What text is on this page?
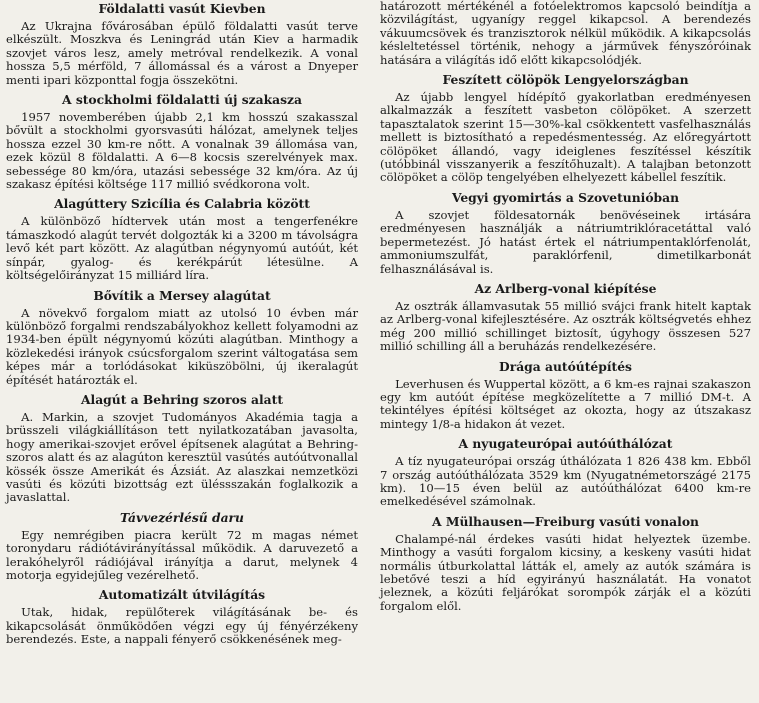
Földalatti vasút Kievben

Az Ukrajna fővárosában épülő földalatti vasút terve elkészült. Moszkva és Leningrád után Kiev a harmadik szovjet város lesz, amely metróval rendelkezik. A vonal hossza 5,5 mérföld, 7 állomással és a várost a Dnyeper menti ipari központtal fogja összekötni.

A stockholmi földalatti új szakasza

1957 novemberében újabb 2,1 km hosszú szakasszal bővült a stockholmi gyorsvasúti hálózat, amelynek teljes hossza ezzel 30 km-re nőtt. A vonalnak 39 állomása van, ezek közül 8 földalatti. A 6—8 kocsis szerelvények max. sebessége 80 km/óra, utazási sebessége 32 km/óra. Az új szakasz építési költsége 117 millió svédkorona volt.

Alagúttery Szicília és Calabria között

A különböző hídtervek után most a tengerfenékre támaszkodó alagút tervét dolgozták ki a 3200 m távolságra levő két part között. Az alagútban négynyomú autóút, két sínpár, gyalog- és kerékpárút létesülne. A költségelőirányzat 15 milliárd líra.

Bővítik a Mersey alagútat

A növekvő forgalom miatt az utolsó 10 évben már különböző forgalmi rendszabályokhoz kellett folyamodni az 1934-ben épült négynyomú közúti alagútban. Minthogy a közlekedési irányok csúcsforgalom szerint váltogatása sem képes már a torlódásokat kiküszöbölni, új ikeralagút építését határozták el.

Alagút a Behring szoros alatt

A. Markin, a szovjet Tudományos Akadémia tagja a brüsszeli világkiállításon tett nyilatkozatában javasolta, hogy amerikai-szovjet erővel építsenek alagútat a Behring-szoros alatt és az alagúton keresztül vasútés autóútvonallal kössék össze Amerikát és Ázsiát. Az alaszkai nemzetközi vasúti és közúti bizottság ezt üléssszakán foglalkozik a javaslattal.

Távvezérlésű daru

Egy nemrégiben piacra került 72 m magas német toronydaru rádiótávirányítással működik. A daruvezető a lerakóhelyről rádiójával irányítja a darut, melynek 4 motorja egyidejűleg vezérelhető.

Automatizált útvilágítás

Utak, hidak, repülőterek világításának be- és kikapcsolását önműködően végzi egy új fényérzékeny berendezés. Este, a nappali fényerő csökkenésének meg-

határozott mértékénél a fotóelektromos kapcsoló beindítja a közvilágítást, ugyanígy reggel kikapcsol. A berendezés vákuumcsövek és tranzisztorok nélkül működik. A kikapcsolás késleltetéssel történik, nehogy a járművek fényszóróinak hatására a világítás idő előtt kikapcsolódjék.

Feszített cölöpök Lengyelországban

Az újabb lengyel hídépítő gyakorlatban eredményesen alkalmazzák a feszített vasbeton cölöpöket. A szerzett tapasztalatok szerint 15—30%-kal csökkentett vasfelhasználás mellett is biztosítható a repedésmentesség. Az előregyártott cölöpöket állandó, vagy ideiglenes feszítéssel készítik (utóbbinál visszanyerik a feszítőhuzalt). A talajban betonzott cölöpöket a cölöp tengelyében elhelyezett kábellel feszítik.

Vegyi gyomirtás a Szovetunióban

A szovjet földesatornák benövéseinek irtására eredményesen használják a nátriumtriklóracetáttal való bepermetezést. Jó hatást értek el nátriumpentaklórfenolát, ammoniumszulfát, paraklórfenil, dimetilkarbonát felhasználásával is.

Az Arlberg-vonal kiépítése

Az osztrák államvasutak 55 millió svájci frank hitelt kaptak az Arlberg-vonal kifejlesztésére. Az osztrák költségvetés ehhez még 200 millió schillinget biztosít, úgyhogy összesen 527 millió schilling áll a beruházás rendelkezésére.

Drága autóútépítés

Leverhusen és Wuppertal között, a 6 km-es rajnai szakaszon egy km autóút építése megközelítette a 7 millió DM-t. A tekintélyes építési költséget az okozta, hogy az útszakasz mintegy 1/8-a hidakon át vezet.

A nyugateurópai autóúthálózat

A tíz nyugateurópai ország úthálózata 1 826 438 km. Ebből 7 ország autóúthálózata 3529 km (Nyugatnémetországé 2175 km). 10—15 éven belül az autóúthálózat 6400 km-re emelkedésével számolnak.

A Mülhausen—Freiburg vasúti vonalon

Chalampé-nál érdekes vasúti hidat helyeztek üzembe. Minthogy a vasúti forgalom kicsiny, a keskeny vasúti hidat normális útburkolattal látták el, amely az autók számára is lebetővé teszi a híd egyirányú használatát. Ha vonatot jeleznek, a közúti feljárókat sorompók zárják el a közúti forgalom elől.
